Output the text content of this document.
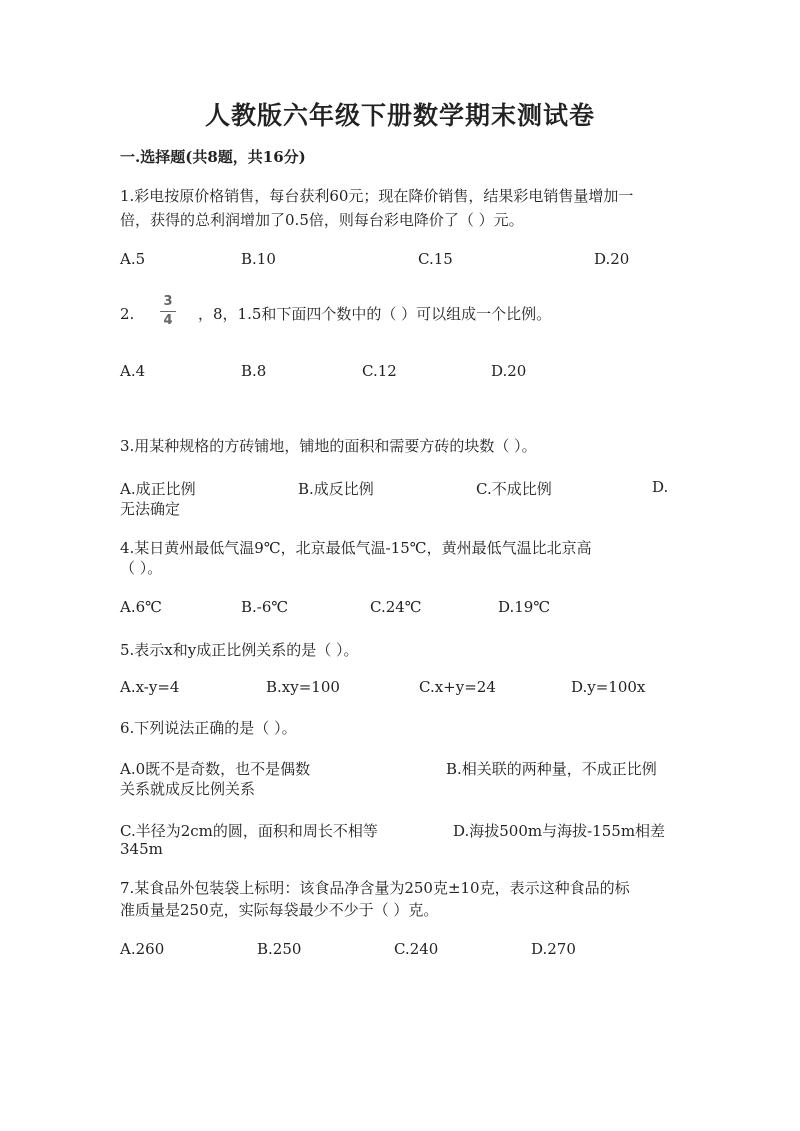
人教版六年级下册数学期末测试卷
一.选择题(共8题，共16分)
1.彩电按原价格销售，每台获利60元；现在降价销售，结果彩电销售量增加一
倍，获得的总利润增加了0.5倍，则每台彩电降价了（ ）元。
A.5	B.10	C.15	D.20
2.
3
4 ，8，1.5和下面四个数中的（ ）可以组成一个比例。
A.4	B.8	C.12	D.20
3.用某种规格的方砖铺地，铺地的面积和需要方砖的块数（ ）。
A.成正比例	B.成反比例	C.不成比例	D.
无法确定
4.某日黄州最低气温9℃，北京最低气温-15℃，黄州最低气温比北京高
（ ）。
A.6℃	B.-6℃	C.24℃	D.19℃
5.表示x和y成正比例关系的是（ ）。
A.x-y=4	B.xy=100	C.x+y=24	D.y=100x
6.下列说法正确的是（ ）。
A.0既不是奇数，也不是偶数	B.相关联的两种量，不成正比例
关系就成反比例关系
C.半径为2cm的圆，面积和周长不相等	D.海拔500m与海拔-155m相差
345m
7.某食品外包装袋上标明：该食品净含量为250克±10克，表示这种食品的标
准质量是250克，实际每袋最少不少于（ ）克。
A.260	B.250	C.240	D.270
